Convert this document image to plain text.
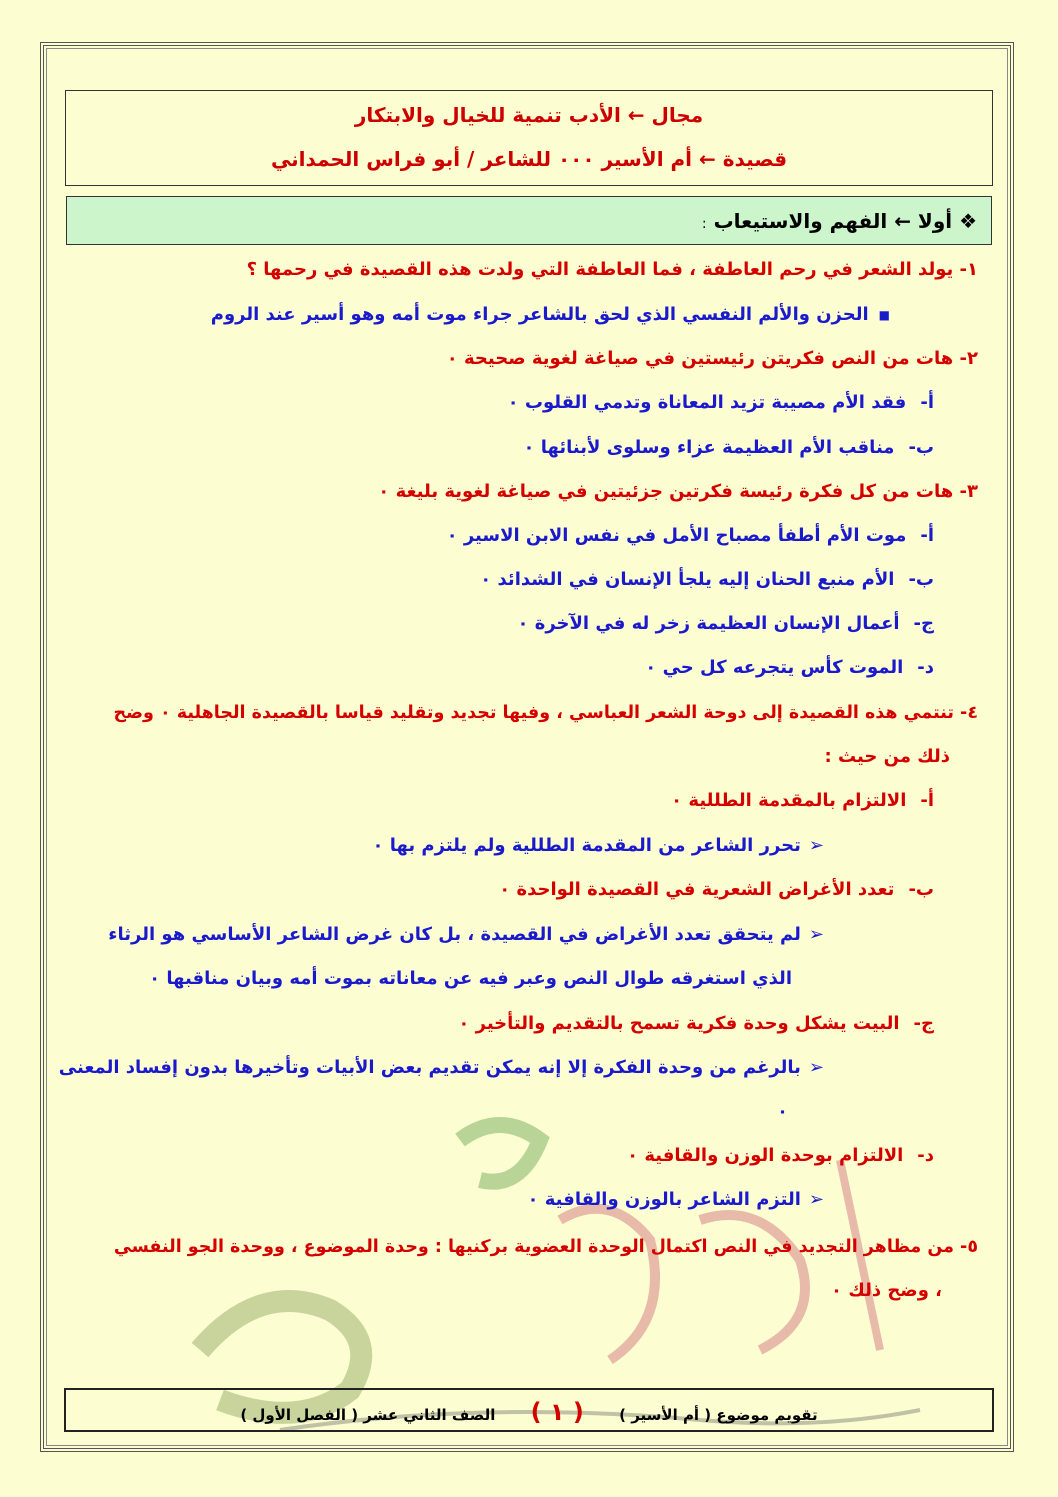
مجال ← الأدب تنمية للخيال والابتكار
قصيدة ← أم الأسير ٠٠٠ للشاعر / أبو فراس الحمداني
❖ أولا ← الفهم والاستيعاب :
١- يولد الشعر في رحم العاطفة ، فما العاطفة التي ولدت هذه القصيدة في رحمها ؟
■الحزن والألم النفسي الذي لحق بالشاعر جراء موت أمه وهو أسير عند الروم
٢- هات من النص فكريتن رئيستين في صياغة لغوية صحيحة ٠
أ-فقد الأم مصيبة تزيد المعاناة وتدمي القلوب ٠
ب-مناقب الأم العظيمة عزاء وسلوى لأبنائها ٠
٣- هات من كل فكرة رئيسة فكرتين جزئيتين في صياغة لغوية بليغة ٠
أ-موت الأم أطفأ مصباح الأمل في نفس الابن الاسير ٠
ب-الأم منبع الحنان إليه يلجأ الإنسان في الشدائد ٠
ج-أعمال الإنسان العظيمة زخر له في الآخرة ٠
د-الموت كأس يتجرعه كل حي ٠
٤- تنتمي هذه القصيدة إلى دوحة الشعر العباسي ، وفيها تجديد وتقليد قياسا بالقصيدة الجاهلية ٠ وضح
ذلك من حيث :
أ-الالتزام بالمقدمة الطللية ٠
➢تحرر الشاعر من المقدمة الطللية ولم يلتزم بها ٠
ب-تعدد الأغراض الشعرية في القصيدة الواحدة ٠
➢لم يتحقق تعدد الأغراض في القصيدة ، بل كان غرض الشاعر الأساسي هو الرثاء
الذي استغرقه طوال النص وعبر فيه عن معاناته بموت أمه وبيان مناقبها ٠
ج-البيت يشكل وحدة فكرية تسمح بالتقديم والتأخير ٠
➢بالرغم من وحدة الفكرة إلا إنه يمكن تقديم بعض الأبيات وتأخيرها بدون إفساد المعنى
٠
د-الالتزام بوحدة الوزن والقافية ٠
➢التزم الشاعر بالوزن والقافية ٠
٥- من مظاهر التجديد في النص اكتمال الوحدة العضوية بركنيها : وحدة الموضوع ، ووحدة الجو النفسي
، وضح ذلك ٠
تقويم موضوع ( أم الأسير ) ( ١ ) الصف الثاني عشر ( الفصل الأول )
